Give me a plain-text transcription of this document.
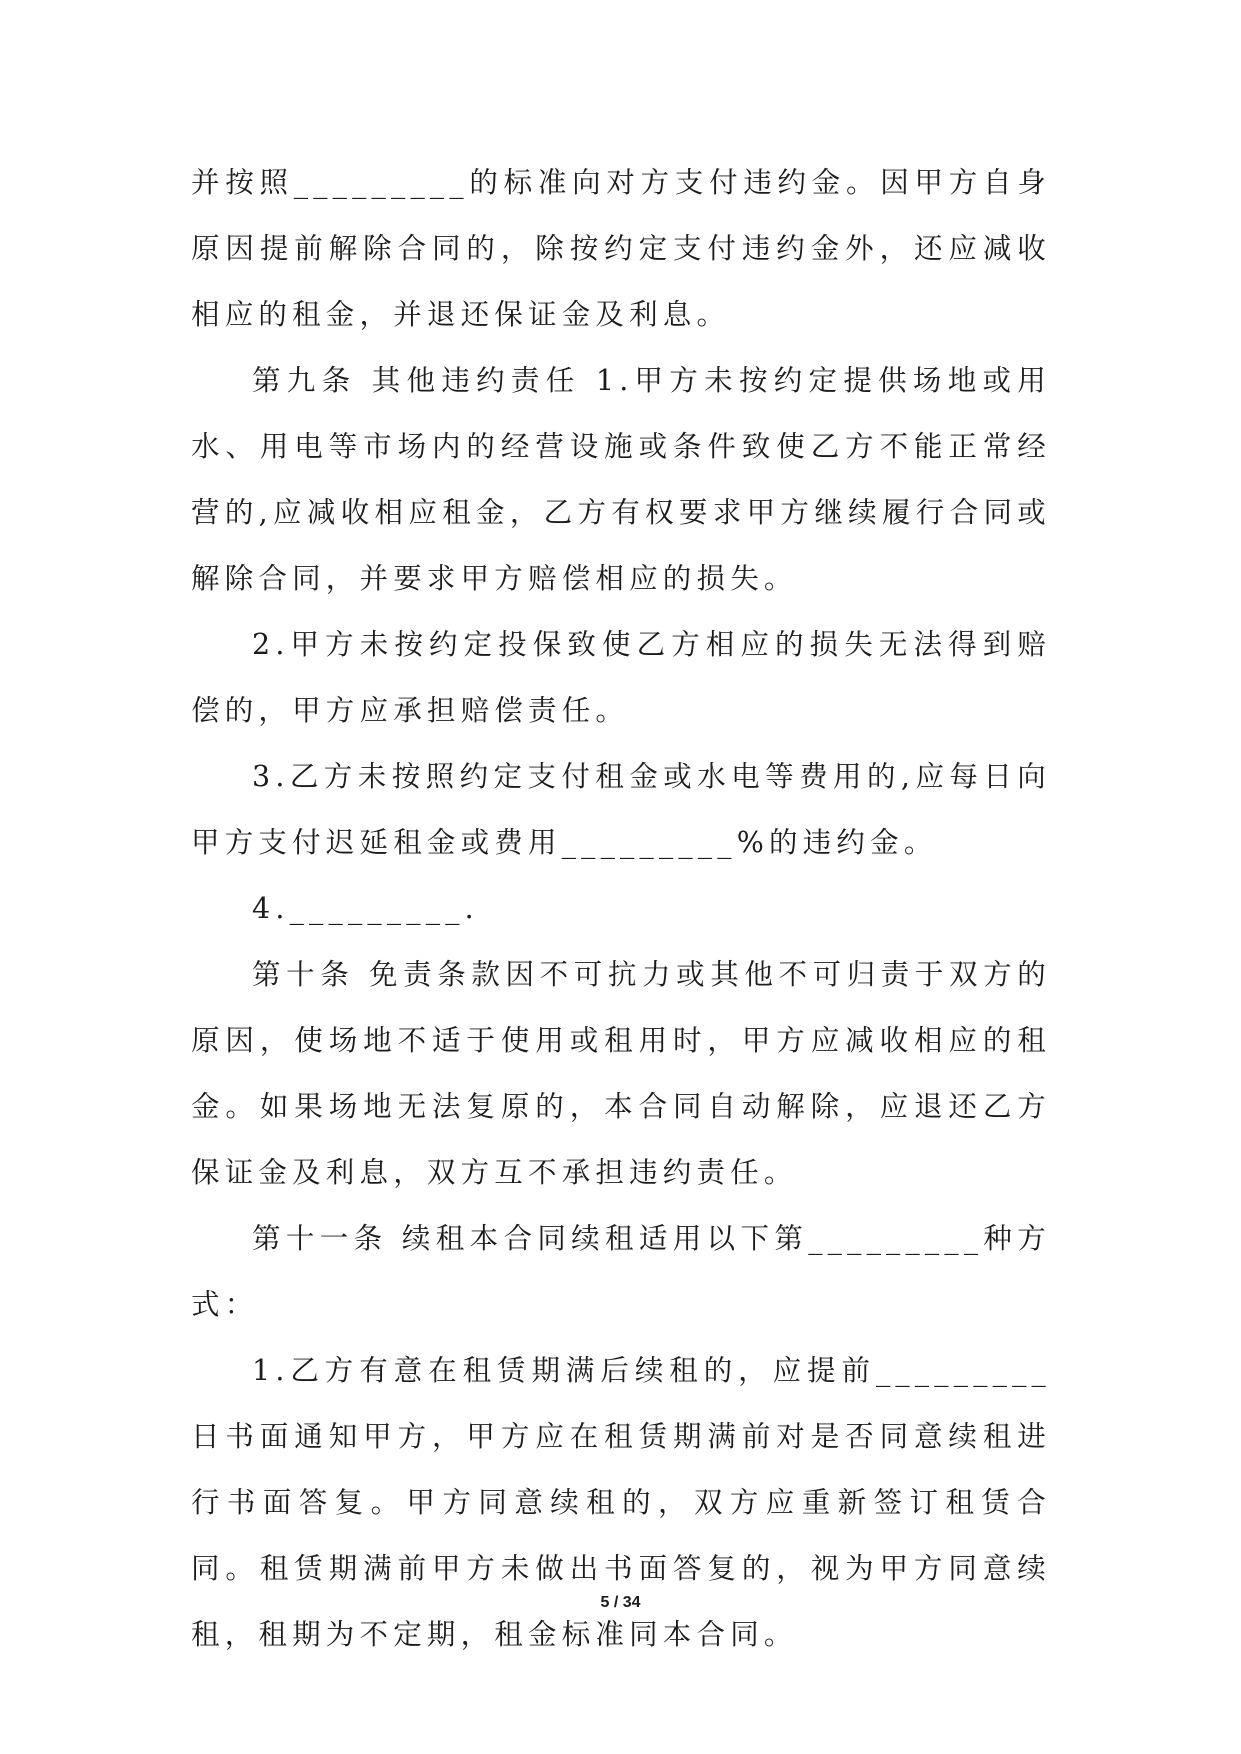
并按照_________的标准向对方支付违约金。因甲方自身原因提前解除合同的，除按约定支付违约金外，还应减收相应的租金，并退还保证金及利息。

第九条 其他违约责任 1.甲方未按约定提供场地或用水、用电等市场内的经营设施或条件致使乙方不能正常经营的,应减收相应租金，乙方有权要求甲方继续履行合同或解除合同，并要求甲方赔偿相应的损失。

2.甲方未按约定投保致使乙方相应的损失无法得到赔偿的，甲方应承担赔偿责任。

3.乙方未按照约定支付租金或水电等费用的,应每日向甲方支付迟延租金或费用_________%的违约金。

4._________.

第十条 免责条款因不可抗力或其他不可归责于双方的原因，使场地不适于使用或租用时，甲方应减收相应的租金。如果场地无法复原的，本合同自动解除，应退还乙方保证金及利息，双方互不承担违约责任。

第十一条 续租本合同续租适用以下第_________种方式：

1.乙方有意在租赁期满后续租的，应提前_________日书面通知甲方，甲方应在租赁期满前对是否同意续租进行书面答复。甲方同意续租的，双方应重新签订租赁合同。租赁期满前甲方未做出书面答复的，视为甲方同意续租，租期为不定期，租金标准同本合同。

5 / 34
